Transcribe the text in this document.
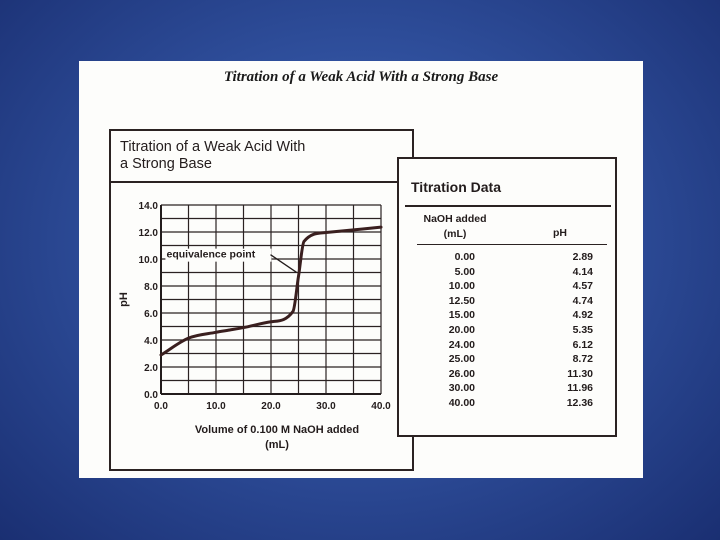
Titration of a Weak Acid With a Strong Base
Titration of a Weak Acid With
a Strong Base
0.0
2.0
4.0
6.0
8.0
10.0
12.0
14.0
0.0	10.0	20.0	30.0	40.0
pH
Volume of 0.100 M NaOH added
(mL)
equivalence point
Titration Data
NaOH added
(mL)	pH
0.00	2.89
5.00	4.14
10.00	4.57
12.50	4.74
15.00	4.92
20.00	5.35
24.00	6.12
25.00	8.72
26.00	11.30
30.00	11.96
40.00	12.36
